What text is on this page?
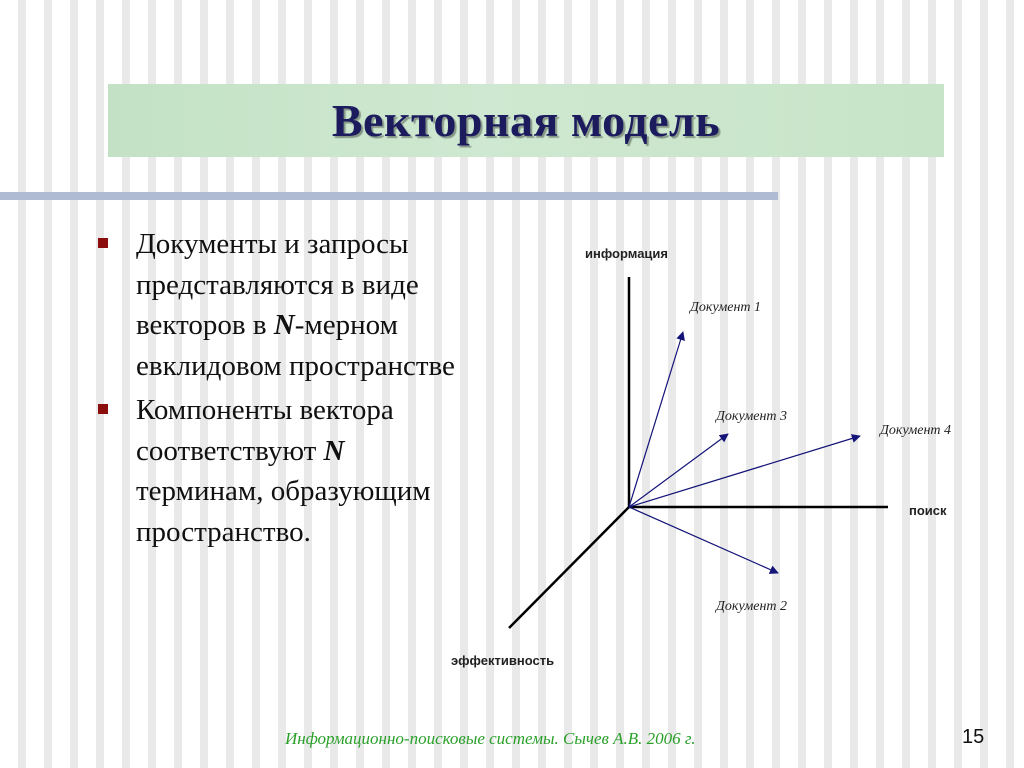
Векторная модель
Документы и запросы представляются в виде векторов в N-мерном евклидовом пространстве
Компоненты вектора соответствуют N терминам, образующим пространство.
информация
поиск
эффективность
Документ 1
Документ 3
Документ 4
Документ 2
Информационно-поисковые системы. Сычев А.В. 2006 г.	15
